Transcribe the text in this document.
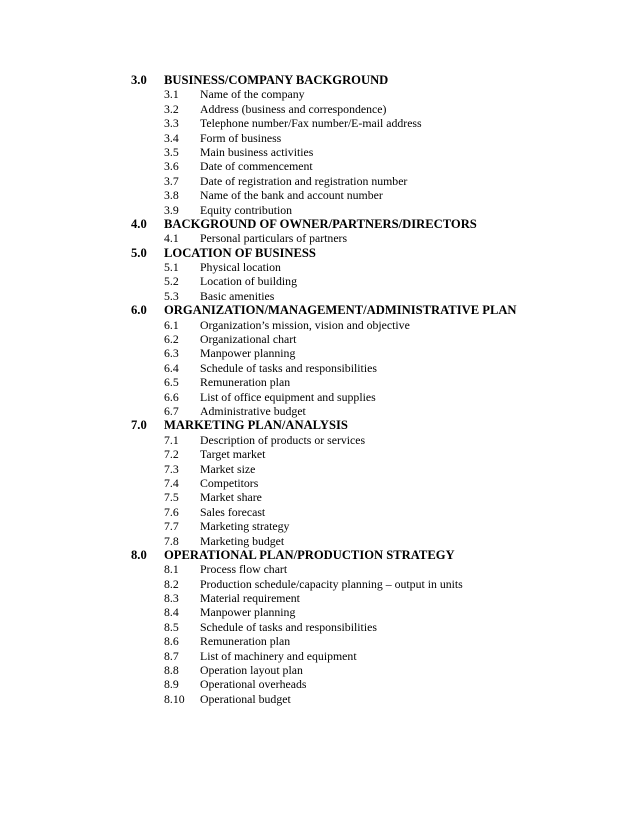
3.0	BUSINESS/COMPANY BACKGROUND
3.1	Name of the company
3.2	Address (business and correspondence)
3.3	Telephone number/Fax number/E-mail address
3.4	Form of business
3.5	Main business activities
3.6	Date of commencement
3.7	Date of registration and registration number
3.8	Name of the bank and account number
3.9	Equity contribution
4.0	BACKGROUND OF OWNER/PARTNERS/DIRECTORS
4.1	Personal particulars of partners
5.0	LOCATION OF BUSINESS
5.1	Physical location
5.2	Location of building
5.3	Basic amenities
6.0	ORGANIZATION/MANAGEMENT/ADMINISTRATIVE PLAN
6.1	Organization’s mission, vision and objective
6.2	Organizational chart
6.3	Manpower planning
6.4	Schedule of tasks and responsibilities
6.5	Remuneration plan
6.6	List of office equipment and supplies
6.7	Administrative budget
7.0	MARKETING PLAN/ANALYSIS
7.1	Description of products or services
7.2	Target market
7.3	Market size
7.4	Competitors
7.5	Market share
7.6	Sales forecast
7.7	Marketing strategy
7.8	Marketing budget
8.0	OPERATIONAL PLAN/PRODUCTION STRATEGY
8.1	Process flow chart
8.2	Production schedule/capacity planning – output in units
8.3	Material requirement
8.4	Manpower planning
8.5	Schedule of tasks and responsibilities
8.6	Remuneration plan
8.7	List of machinery and equipment
8.8	Operation layout plan
8.9	Operational overheads
8.10	Operational budget
